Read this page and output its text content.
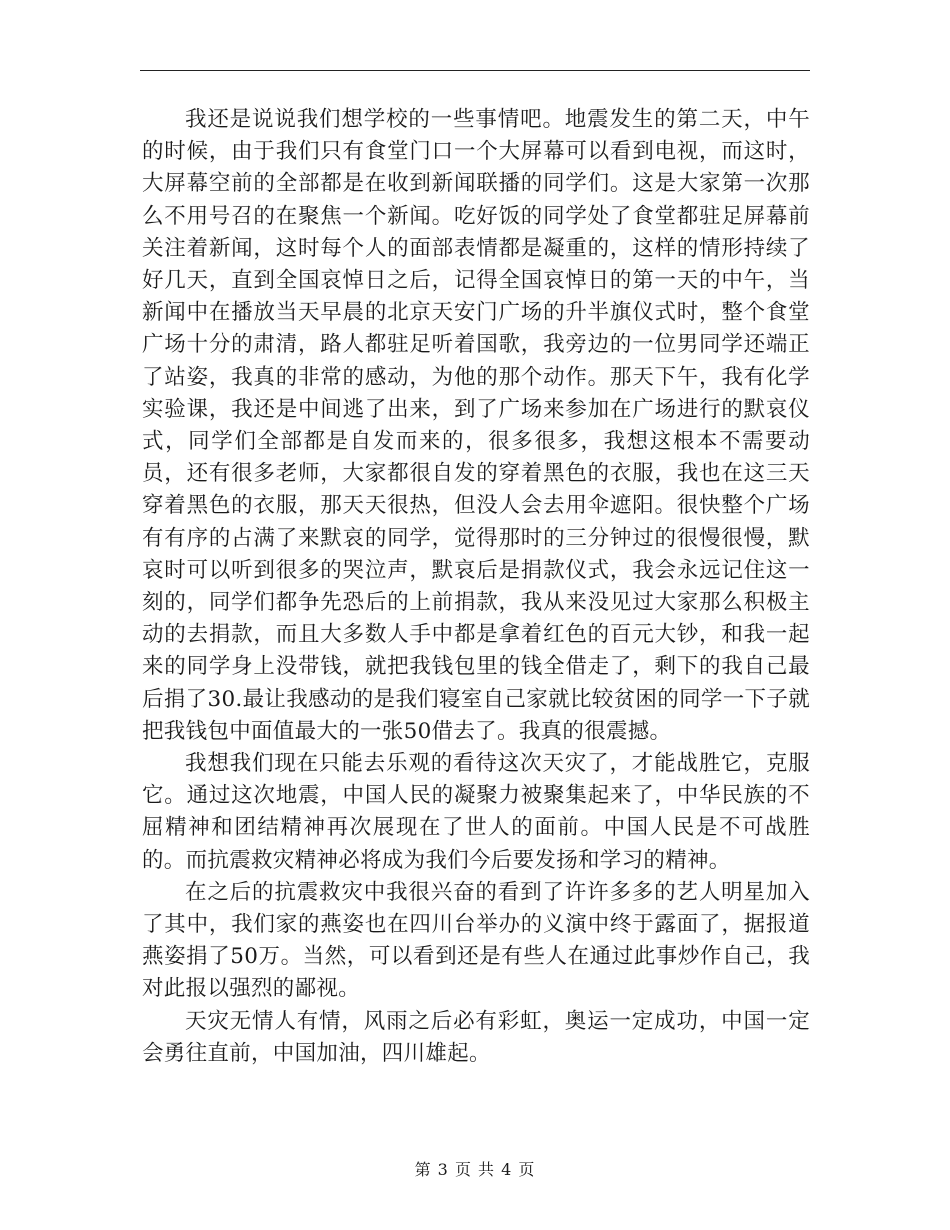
我还是说说我们想学校的一些事情吧。地震发生的第二天，中午的时候，由于我们只有食堂门口一个大屏幕可以看到电视，而这时，大屏幕空前的全部都是在收到新闻联播的同学们。这是大家第一次那么不用号召的在聚焦一个新闻。吃好饭的同学处了食堂都驻足屏幕前关注着新闻，这时每个人的面部表情都是凝重的，这样的情形持续了好几天，直到全国哀悼日之后，记得全国哀悼日的第一天的中午，当新闻中在播放当天早晨的北京天安门广场的升半旗仪式时，整个食堂广场十分的肃清，路人都驻足听着国歌，我旁边的一位男同学还端正了站姿，我真的非常的感动，为他的那个动作。那天下午，我有化学实验课，我还是中间逃了出来，到了广场来参加在广场进行的默哀仪式，同学们全部都是自发而来的，很多很多，我想这根本不需要动员，还有很多老师，大家都很自发的穿着黑色的衣服，我也在这三天穿着黑色的衣服，那天天很热，但没人会去用伞遮阳。很快整个广场有有序的占满了来默哀的同学，觉得那时的三分钟过的很慢很慢，默哀时可以听到很多的哭泣声，默哀后是捐款仪式，我会永远记住这一刻的，同学们都争先恐后的上前捐款，我从来没见过大家那么积极主动的去捐款，而且大多数人手中都是拿着红色的百元大钞，和我一起来的同学身上没带钱，就把我钱包里的钱全借走了，剩下的我自己最后捐了30.最让我感动的是我们寝室自己家就比较贫困的同学一下子就把我钱包中面值最大的一张50借去了。我真的很震撼。

我想我们现在只能去乐观的看待这次天灾了，才能战胜它，克服它。通过这次地震，中国人民的凝聚力被聚集起来了，中华民族的不屈精神和团结精神再次展现在了世人的面前。中国人民是不可战胜的。而抗震救灾精神必将成为我们今后要发扬和学习的精神。

在之后的抗震救灾中我很兴奋的看到了许许多多的艺人明星加入了其中，我们家的燕姿也在四川台举办的义演中终于露面了，据报道燕姿捐了50万。当然，可以看到还是有些人在通过此事炒作自己，我对此报以强烈的鄙视。

天灾无情人有情，风雨之后必有彩虹，奥运一定成功，中国一定会勇往直前，中国加油，四川雄起。

第 3 页 共 4 页
